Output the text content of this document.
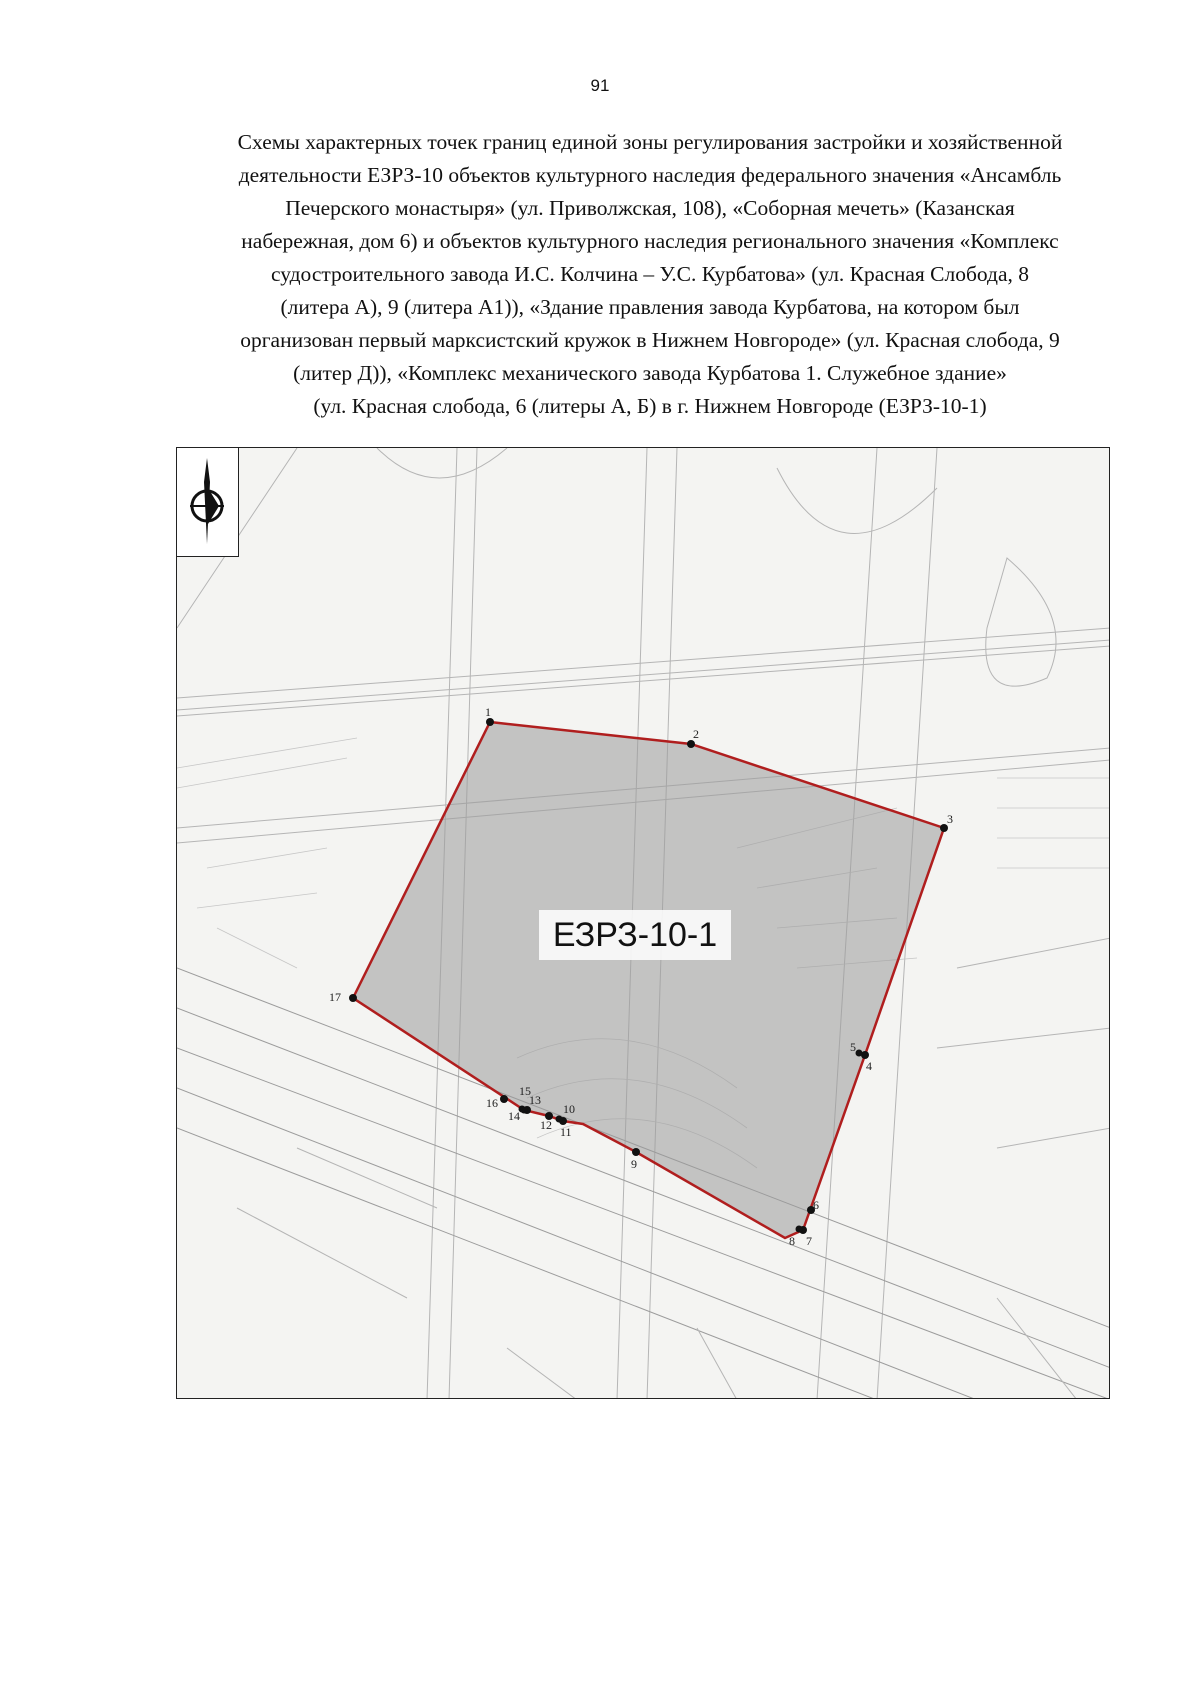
91
Схемы характерных точек границ единой зоны регулирования застройки и хозяйственной
деятельности ЕЗРЗ-10 объектов культурного наследия федерального значения «Ансамбль
Печерского монастыря» (ул. Приволжская, 108), «Соборная мечеть» (Казанская
набережная, дом 6) и объектов культурного наследия регионального значения «Комплекс
судостроительного завода И.С. Колчина – У.С. Курбатова» (ул. Красная Слобода, 8
(литера А), 9 (литера А1)), «Здание правления завода Курбатова, на котором был
организован первый марксистский кружок в Нижнем Новгороде» (ул. Красная слобода, 9
(литер Д)), «Комплекс механического завода Курбатова 1. Служебное здание»
(ул. Красная слобода, 6 (литеры А, Б) в г. Нижнем Новгороде (ЕЗРЗ-10-1)
1
2
3
4
5
6
7
8
9
10
11
12
13
14
15
16
17
ЕЗРЗ-10-1
